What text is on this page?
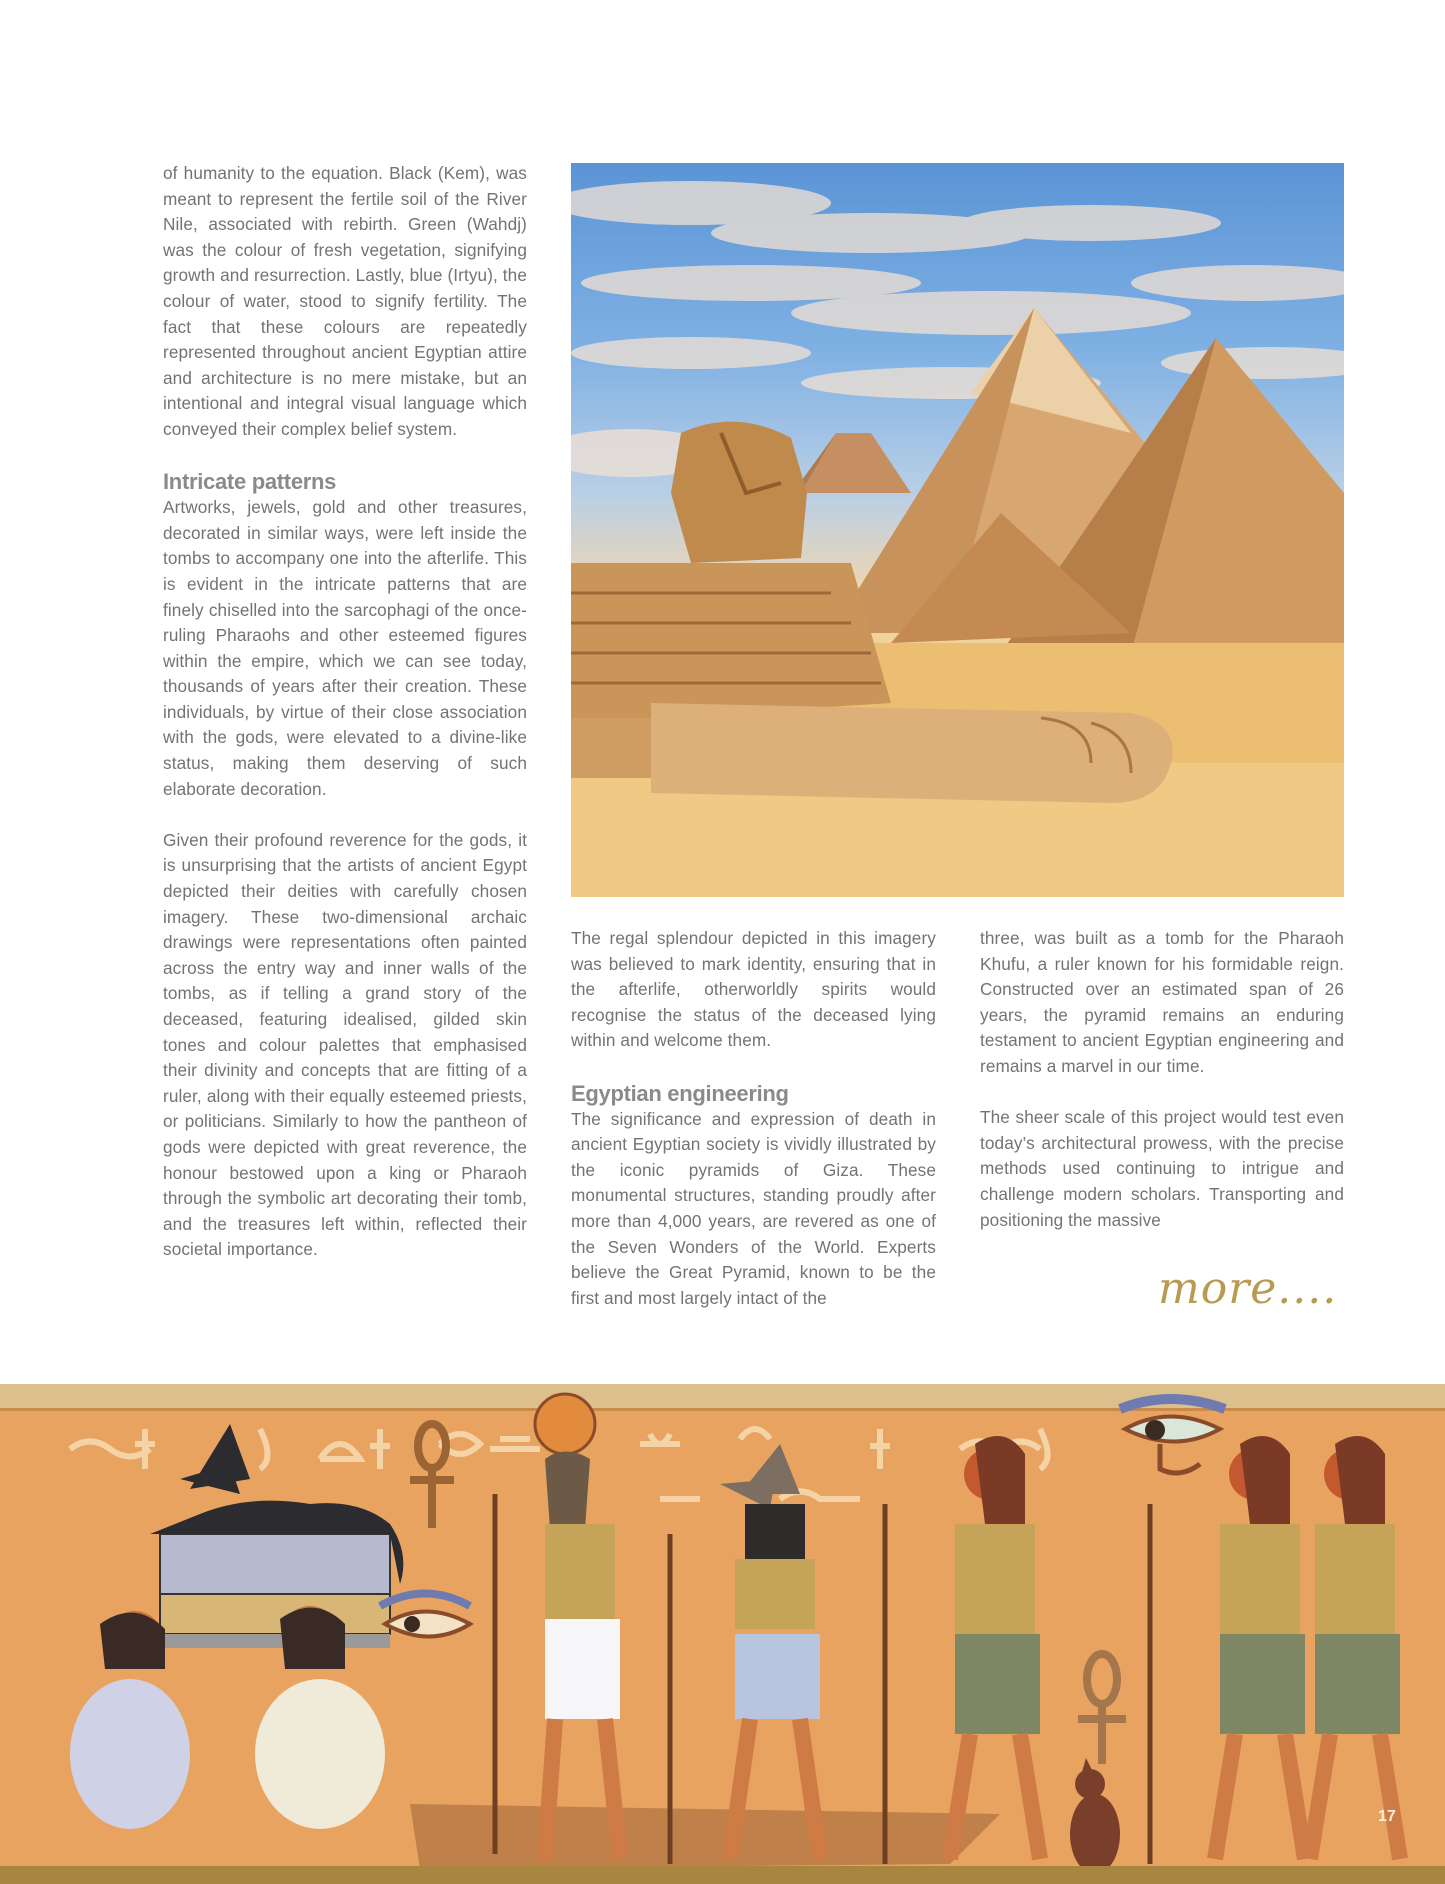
of humanity to the equation. Black (Kem), was meant to represent the fertile soil of the River Nile, associated with rebirth. Green (Wahdj) was the colour of fresh vegetation, signifying growth and resurrection. Lastly, blue (Irtyu), the colour of water, stood to signify fertility. The fact that these colours are repeatedly represented throughout ancient Egyptian attire and architecture is no mere mistake, but an intentional and integral visual language which conveyed their complex belief system.

Intricate patterns

Artworks, jewels, gold and other treasures, decorated in similar ways, were left inside the tombs to accompany one into the afterlife. This is evident in the intricate patterns that are finely chiselled into the sarcophagi of the once-ruling Pharaohs and other esteemed figures within the empire, which we can see today, thousands of years after their creation. These individuals, by virtue of their close association with the gods, were elevated to a divine-like status, making them deserving of such elaborate decoration.

Given their profound reverence for the gods, it is unsurprising that the artists of ancient Egypt depicted their deities with carefully chosen imagery. These two-dimensional archaic drawings were representations often painted across the entry way and inner walls of the tombs, as if telling a grand story of the deceased, featuring idealised, gilded skin tones and colour palettes that emphasised their divinity and concepts that are fitting of a ruler, along with their equally esteemed priests, or politicians. Similarly to how the pantheon of gods were depicted with great reverence, the honour bestowed upon a king or Pharaoh through the symbolic art decorating their tomb, and the treasures left within, reflected their societal importance.

The regal splendour depicted in this imagery was believed to mark identity, ensuring that in the afterlife, otherworldly spirits would recognise the status of the deceased lying within and welcome them.

Egyptian engineering

The significance and expression of death in ancient Egyptian society is vividly illustrated by the iconic pyramids of Giza. These monumental structures, standing proudly after more than 4,000 years, are revered as one of the Seven Wonders of the World. Experts believe the Great Pyramid, known to be the first and most largely intact of the

three, was built as a tomb for the Pharaoh Khufu, a ruler known for his formidable reign. Constructed over an estimated span of 26 years, the pyramid remains an enduring testament to ancient Egyptian engineering and remains a marvel in our time.

The sheer scale of this project would test even today’s architectural prowess, with the precise methods used continuing to intrigue and challenge modern scholars. Transporting and positioning the massive

more....
17
